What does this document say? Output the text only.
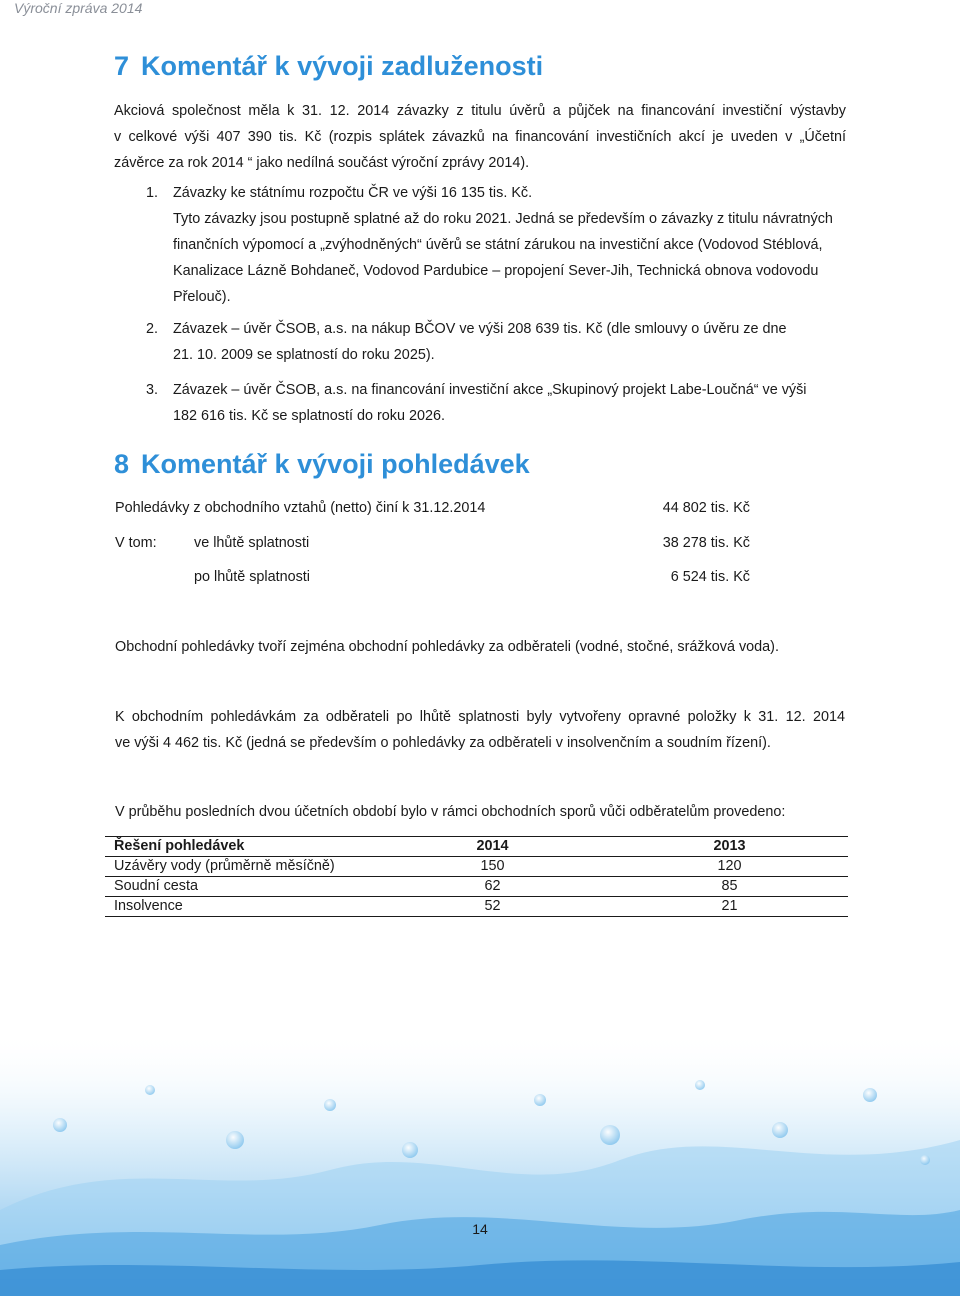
Výroční zpráva 2014
7 Komentář k vývoji zadluženosti

Akciová společnost měla k 31. 12. 2014 závazky z titulu úvěrů a půjček na financování investiční výstavby
v celkové výši 407 390 tis. Kč (rozpis splátek závazků na financování investičních akcí je uveden v „Účetní
závěrce za rok 2014 “ jako nedílná součást výroční zprávy 2014).

1. Závazky ke státnímu rozpočtu ČR ve výši 16 135 tis. Kč.
Tyto závazky jsou postupně splatné až do roku 2021. Jedná se především o závazky z titulu návratných
finančních výpomocí a „zvýhodněných“ úvěrů se státní zárukou na investiční akce (Vodovod Stéblová,
Kanalizace Lázně Bohdaneč, Vodovod Pardubice – propojení Sever-Jih, Technická obnova vodovodu
Přelouč).
2. Závazek – úvěr ČSOB, a.s. na nákup BČOV ve výši 208 639 tis. Kč (dle smlouvy o úvěru ze dne
21. 10. 2009 se splatností do roku 2025).
3. Závazek – úvěr ČSOB, a.s. na financování investiční akce „Skupinový projekt Labe-Loučná“ ve výši
182 616 tis. Kč se splatností do roku 2026.
8 Komentář k vývoji pohledávek
Pohledávky z obchodního vztahů (netto) činí k 31.12.2014	44 802 tis. Kč
V tom:	ve lhůtě splatnosti	38 278 tis. Kč
po lhůtě splatnosti	6 524 tis. Kč

Obchodní pohledávky tvoří zejména obchodní pohledávky za odběrateli (vodné, stočné, srážková voda).

K obchodním pohledávkám za odběrateli po lhůtě splatnosti byly vytvořeny opravné položky k 31. 12. 2014
ve výši 4 462 tis. Kč (jedná se především o pohledávky za odběrateli v insolvenčním a soudním řízení).

V průběhu posledních dvou účetních období bylo v rámci obchodních sporů vůči odběratelům provedeno:

Řešení pohledávek	2014	2013
Uzávěry vody (průměrně měsíčně)	150	120
Soudní cesta	62	85
Insolvence	52	21
14
